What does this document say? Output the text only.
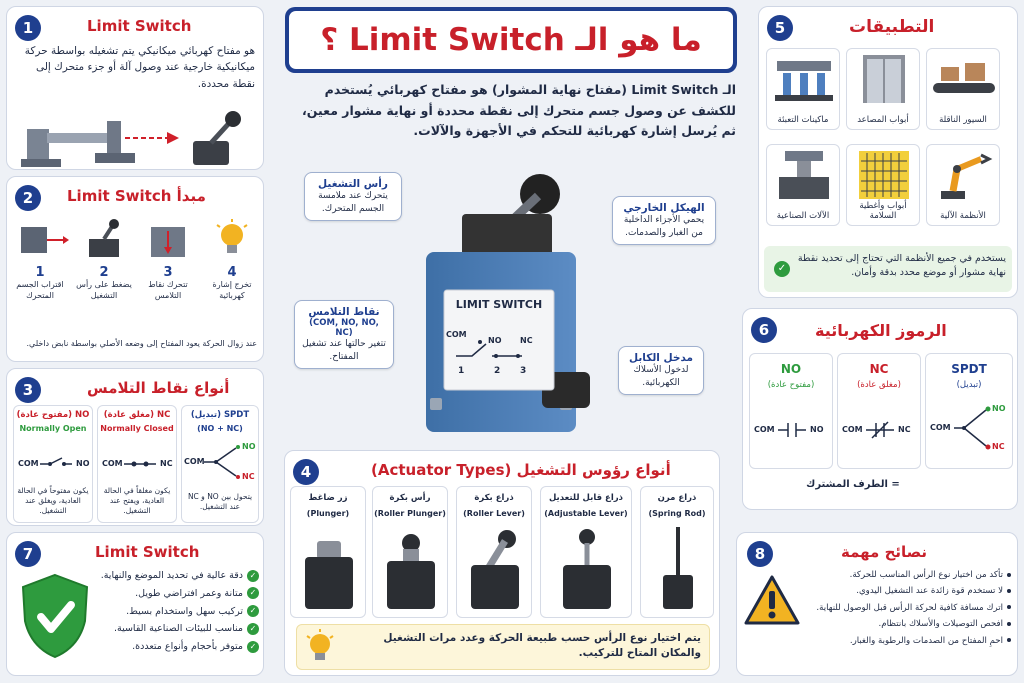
ما هو الـ Limit Switch ؟
الـ Limit Switch (مفتاح نهاية المشوار) هو مفتاح كهربائي يُستخدم للكشف عن وصول جسم متحرك إلى نقطة محددة أو نهاية مشوار معين، ثم يُرسل إشارة كهربائية للتحكم في الأجهزة والآلات.
1	Limit Switch
هو مفتاح كهربائي ميكانيكي يتم تشغيله بواسطة حركة ميكانيكية خارجية عند وصول آلة أو جزء متحرك إلى نقطة محددة.
2	مبدأ Limit Switch
1
اقتراب الجسم المتحرك
2
يضغط على رأس التشغيل
3
تتحرك نقاط التلامس
4
تخرج إشارة كهربائية
عند زوال الحركة يعود المفتاح إلى وضعه الأصلي بواسطة نابض داخلي.
3	أنواع نقاط التلامس
NO (مفتوح عادة)
Normally Open
COM	NO
يكون مفتوحاً في الحالة العادية، ويغلق عند التشغيل.
NC (مغلق عادة)
Normally Closed
COM	NC
يكون مغلقاً في الحالة العادية، ويفتح عند التشغيل.
SPDT (تبديل)
(NO + NC)
COM
NO
NC
يتحول بين NO و NC عند التشغيل.
7	Limit Switch
✓دقة عالية في تحديد الموضع والنهاية.
✓متانة وعمر افتراضي طويل.
✓تركيب سهل واستخدام بسيط.
✓مناسب للبيئات الصناعية القاسية.
✓متوفر بأحجام وأنواع متعددة.
LIMIT SWITCH
COM
NO NC
1	2 3
رأس التشغيل
يتحرك عند ملامسة الجسم المتحرك.	الهيكل الخارجي
يحمي الأجزاء الداخلية من الغبار والصدمات.
نقاط التلامس
(COM, NO, NO, NC)
تتغير حالتها عند تشغيل المفتاح.	مدخل الكابل
لدخول الأسلاك الكهربائية.
4	أنواع رؤوس التشغيل (Actuator Types)
زر ضاغط
(Plunger)
رأس بكرة
(Roller Plunger)
ذراع بكرة
(Roller Lever)
ذراع قابل للتعديل
(Adjustable Lever)
ذراع مرن
(Spring Rod)
يتم اختيار نوع الرأس حسب طبيعة الحركة وعدد مرات التشغيل والمكان المتاح للتركيب.
5	التطبيقات
ماكينات التعبئة	أبواب المصاعد	السيور الناقلة
الآلات الصناعية
أبواب وأغطية السلامة	الأنظمة الآلية
✓
يستخدم في جميع الأنظمة التي تحتاج إلى تحديد نقطة نهاية مشوار أو موضع محدد بدقة وأمان.
6	الرموز الكهربائية
NO
(مفتوح عادة)
COM	NO
NC
(مغلق عادة)
COM	NC
SPDT
(تبديل)
COM
NO
NC
= الطرف المشترك
8	نصائح مهمة
تأكد من اختيار نوع الرأس المناسب للحركة.
لا تستخدم قوة زائدة عند التشغيل اليدوي.
اترك مسافة كافية لحركة الرأس قبل الوصول للنهاية.
افحص التوصيلات والأسلاك بانتظام.
احمِ المفتاح من الصدمات والرطوبة والغبار.
